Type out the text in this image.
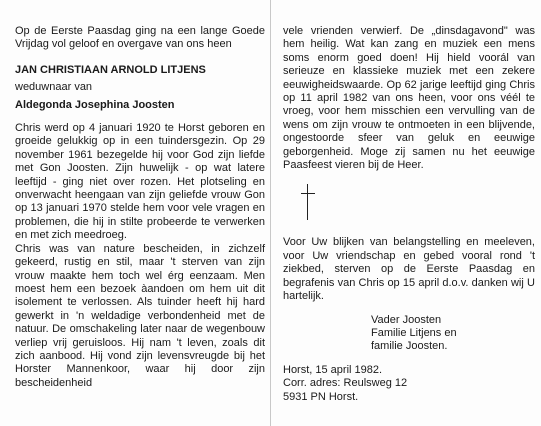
Op de Eerste Paasdag ging na een lange Goede Vrijdag vol geloof en overgave van ons heen

JAN CHRISTIAAN ARNOLD LITJENS

weduwnaar van

Aldegonda Josephina Joosten

Chris werd op 4 januari 1920 te Horst geboren en groeide gelukkig op in een tuindersgezin. Op 29 november 1961 bezegelde hij voor God zijn liefde met Gon Joosten. Zijn huwelijk - op wat latere leeftijd - ging niet over rozen. Het plotseling en onverwacht heengaan van zijn geliefde vrouw Gon op 13 januari 1970 stelde hem voor vele vragen en problemen, die hij in stilte probeerde te verwerken en met zich meedroeg.

Chris was van nature bescheiden, in zichzelf gekeerd, rustig en stil, maar 't sterven van zijn vrouw maakte hem toch wel érg eenzaam. Men moest hem een bezoek àandoen om hem uit dit isolement te verlossen. Als tuinder heeft hij hard gewerkt in 'n weldadige verbondenheid met de natuur. De omschakeling later naar de wegenbouw verliep vrij geruisloos. Hij nam 't leven, zoals dit zich aanbood. Hij vond zijn levensvreugde bij het Horster Mannenkoor, waar hij door zijn bescheidenheid

vele vrienden verwierf. De „dinsdagavond" was hem heilig. Wat kan zang en muziek een mens soms enorm goed doen! Hij hield voorál van serieuze en klassieke muziek met een zekere eeuwigheidswaarde. Op 62 jarige leeftijd ging Chris op 11 april 1982 van ons heen, voor ons véél te vroeg, voor hem misschien een vervulling van de wens om zijn vrouw te ontmoeten in een blijvende, ongestoorde sfeer van geluk en eeuwige geborgenheid. Moge zij samen nu het eeuwige Paasfeest vieren bij de Heer.

Voor Uw blijken van belangstelling en meeleven, voor Uw vriendschap en gebed vooral rond 't ziekbed, sterven op de Eerste Paasdag en begrafenis van Chris op 15 april d.o.v. danken wij U hartelijk.

Vader Joosten

Familie Litjens en

familie Joosten.

Horst, 15 april 1982.

Corr. adres: Reulsweg 12

5931 PN Horst.
